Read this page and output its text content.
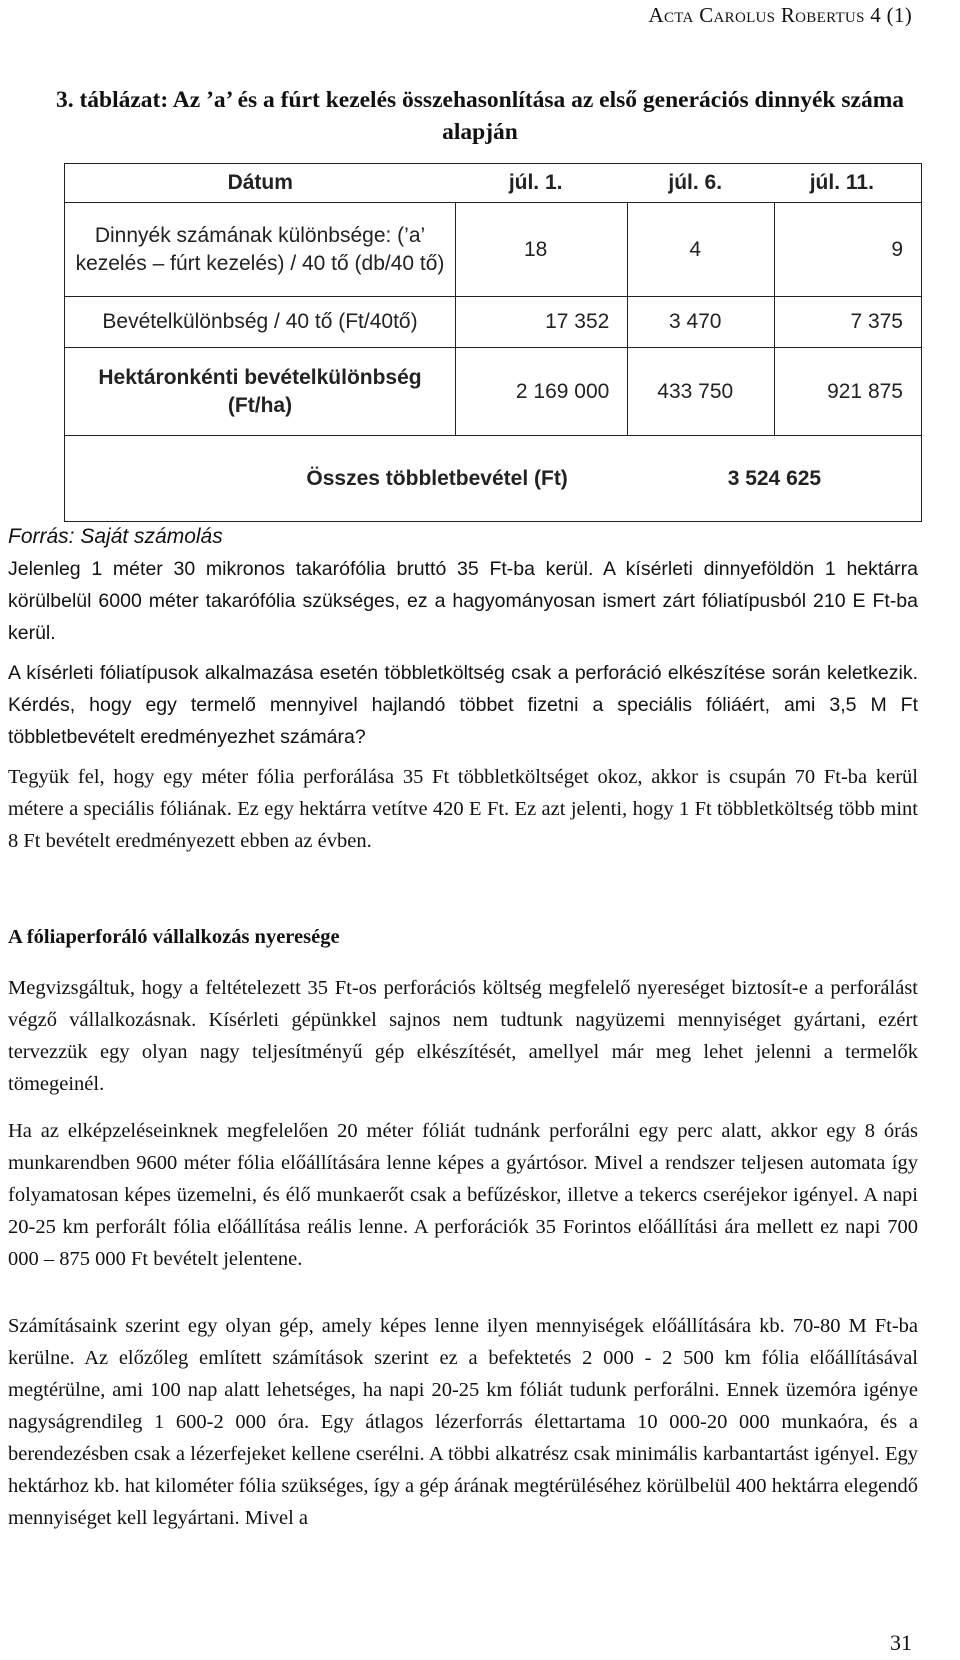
Acta Carolus Robertus 4 (1)
3. táblázat: Az ’a’ és a fúrt kezelés összehasonlítása az első generációs dinnyék száma alapján
Dátum	júl. 1.	júl. 6.	júl. 11.
Dinnyék számának különbsége: (’a’ kezelés – fúrt kezelés) / 40 tő (db/40 tő)	18	4	9
Bevételkülönbség / 40 tő (Ft/40tő)	17 352	3 470	7 375
Hektáronkénti bevételkülönbség (Ft/ha)	2 169 000	433 750	921 875
Összes többletbevétel (Ft)		3 524 625	
Forrás: Saját számolás

Jelenleg 1 méter 30 mikronos takarófólia bruttó 35 Ft-ba kerül. A kísérleti dinnyeföldön 1 hektárra körülbelül 6000 méter takarófólia szükséges, ez a hagyományosan ismert zárt fóliatípusból 210 E Ft-ba kerül.

A kísérleti fóliatípusok alkalmazása esetén többletköltség csak a perforáció elkészítése során keletkezik. Kérdés, hogy egy termelő mennyivel hajlandó többet fizetni a speciális fóliáért, ami 3,5 M Ft többletbevételt eredményezhet számára?

Tegyük fel, hogy egy méter fólia perforálása 35 Ft többletköltséget okoz, akkor is csupán 70 Ft-ba kerül métere a speciális fóliának. Ez egy hektárra vetítve 420 E Ft. Ez azt jelenti, hogy 1 Ft többletköltség több mint 8 Ft bevételt eredményezett ebben az évben.

A fóliaperforáló vállalkozás nyeresége

Megvizsgáltuk, hogy a feltételezett 35 Ft-os perforációs költség megfelelő nyereséget biztosít-e a perforálást végző vállalkozásnak. Kísérleti gépünkkel sajnos nem tudtunk nagyüzemi mennyiséget gyártani, ezért tervezzük egy olyan nagy teljesítményű gép elkészítését, amellyel már meg lehet jelenni a termelők tömegeinél.

Ha az elképzeléseinknek megfelelően 20 méter fóliát tudnánk perforálni egy perc alatt, akkor egy 8 órás munkarendben 9600 méter fólia előállítására lenne képes a gyártósor. Mivel a rendszer teljesen automata így folyamatosan képes üzemelni, és élő munkaerőt csak a befűzéskor, illetve a tekercs cseréjekor igényel. A napi 20-25 km perforált fólia előállítása reális lenne. A perforációk 35 Forintos előállítási ára mellett ez napi 700 000 – 875 000 Ft bevételt jelentene.

Számításaink szerint egy olyan gép, amely képes lenne ilyen mennyiségek előállítására kb. 70-80 M Ft-ba kerülne. Az előzőleg említett számítások szerint ez a befektetés 2 000 - 2 500 km fólia előállításával megtérülne, ami 100 nap alatt lehetséges, ha napi 20-25 km fóliát tudunk perforálni. Ennek üzemóra igénye nagyságrendileg 1 600-2 000 óra. Egy átlagos lézerforrás élettartama 10 000-20 000 munkaóra, és a berendezésben csak a lézerfejeket kellene cserélni. A többi alkatrész csak minimális karbantartást igényel. Egy hektárhoz kb. hat kilométer fólia szükséges, így a gép árának megtérüléséhez körülbelül 400 hektárra elegendő mennyiséget kell legyártani. Mivel a

31
